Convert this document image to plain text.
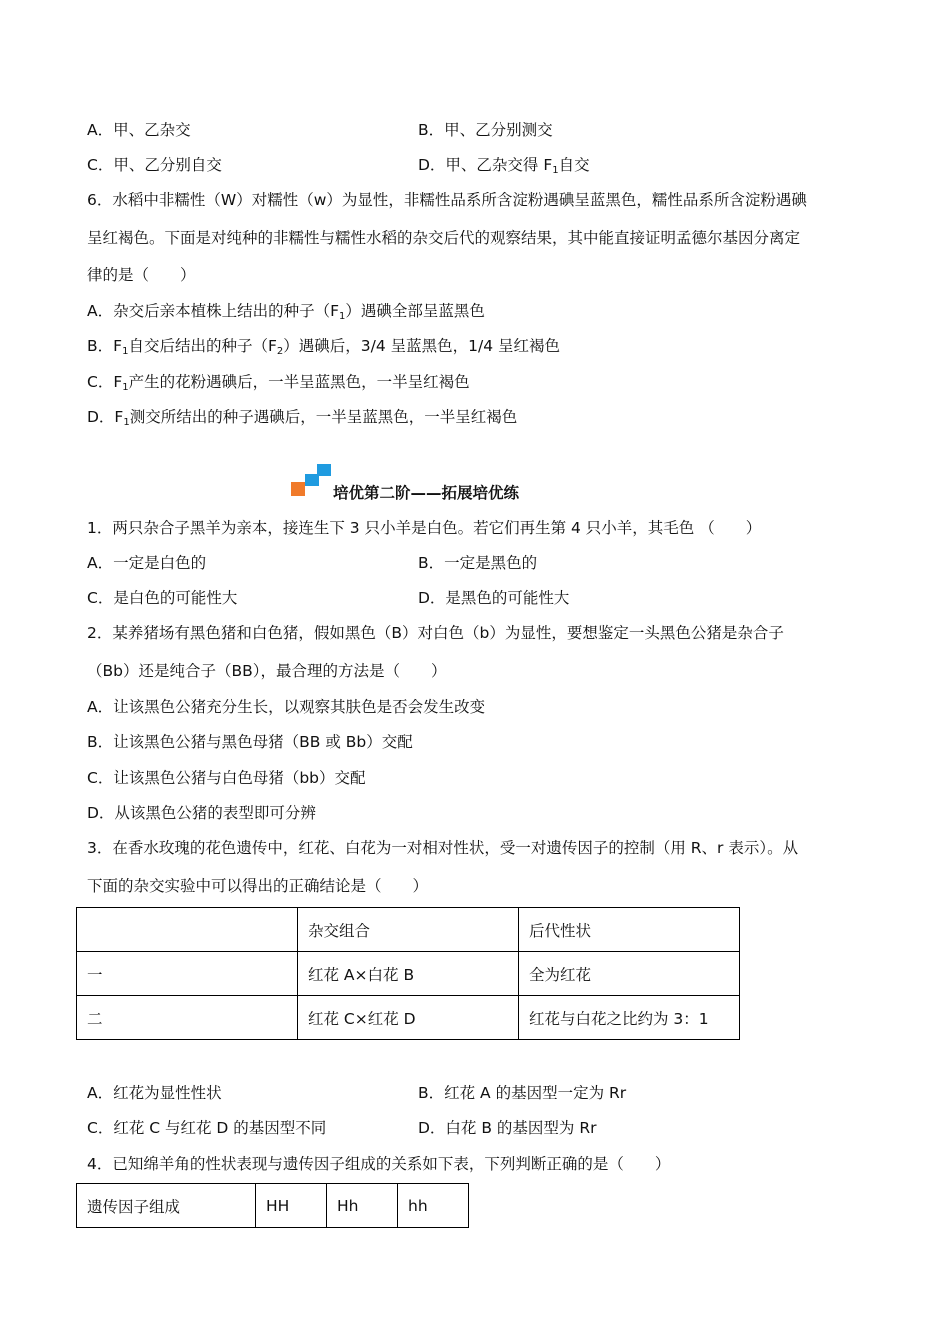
A．甲、乙杂交	B．甲、乙分别测交
C．甲、乙分别自交	D．甲、乙杂交得 $F_1$自交
6．水稻中非糯性（W）对糯性（w）为显性，非糯性品系所含淀粉遇碘呈蓝黑色，糯性品系所含淀粉遇碘
呈红褐色。下面是对纯种的非糯性与糯性水稻的杂交后代的观察结果，其中能直接证明孟德尔基因分离定
律的是（　　）
A．杂交后亲本植株上结出的种子$(F_1)$遇碘全部呈蓝黑色
B．$F_1$自交后结出的种子$(F_2)$遇碘后，3/4 呈蓝黑色，1/4 呈红褐色
C．$F_1$产生的花粉遇碘后，一半呈蓝黑色，一半呈红褐色
D．$F_1$测交所结出的种子遇碘后，一半呈蓝黑色，一半呈红褐色
培优第二阶——拓展培优练
1．两只杂合子黑羊为亲本，接连生下 3 只小羊是白色。若它们再生第 4 只小羊，其毛色 （　　）
A．一定是白色的	B．一定是黑色的
C．是白色的可能性大	D．是黑色的可能性大
2．某养猪场有黑色猪和白色猪，假如黑色（B）对白色（b）为显性，要想鉴定一头黑色公猪是杂合子
（Bb）还是纯合子（BB），最合理的方法是（　　）
A．让该黑色公猪充分生长，以观察其肤色是否会发生改变
B．让该黑色公猪与黑色母猪（BB 或 Bb）交配
C．让该黑色公猪与白色母猪（bb）交配
D．从该黑色公猪的表型即可分辨
3．在香水玫瑰的花色遗传中，红花、白花为一对相对性状，受一对遗传因子的控制（用 R、r 表示）。从
下面的杂交实验中可以得出的正确结论是（　　）
	杂交组合	后代性状
一	红花 A×白花 B	全为红花
二	红花 C×红花 D	红花与白花之比约为 3：1
A．红花为显性性状	B．红花 A 的基因型一定为 Rr
C．红花 C 与红花 D 的基因型不同	D．白花 B 的基因型为 Rr
4．已知绵羊角的性状表现与遗传因子组成的关系如下表，下列判断正确的是（　　）
遗传因子组成	HH	Hh	hh
